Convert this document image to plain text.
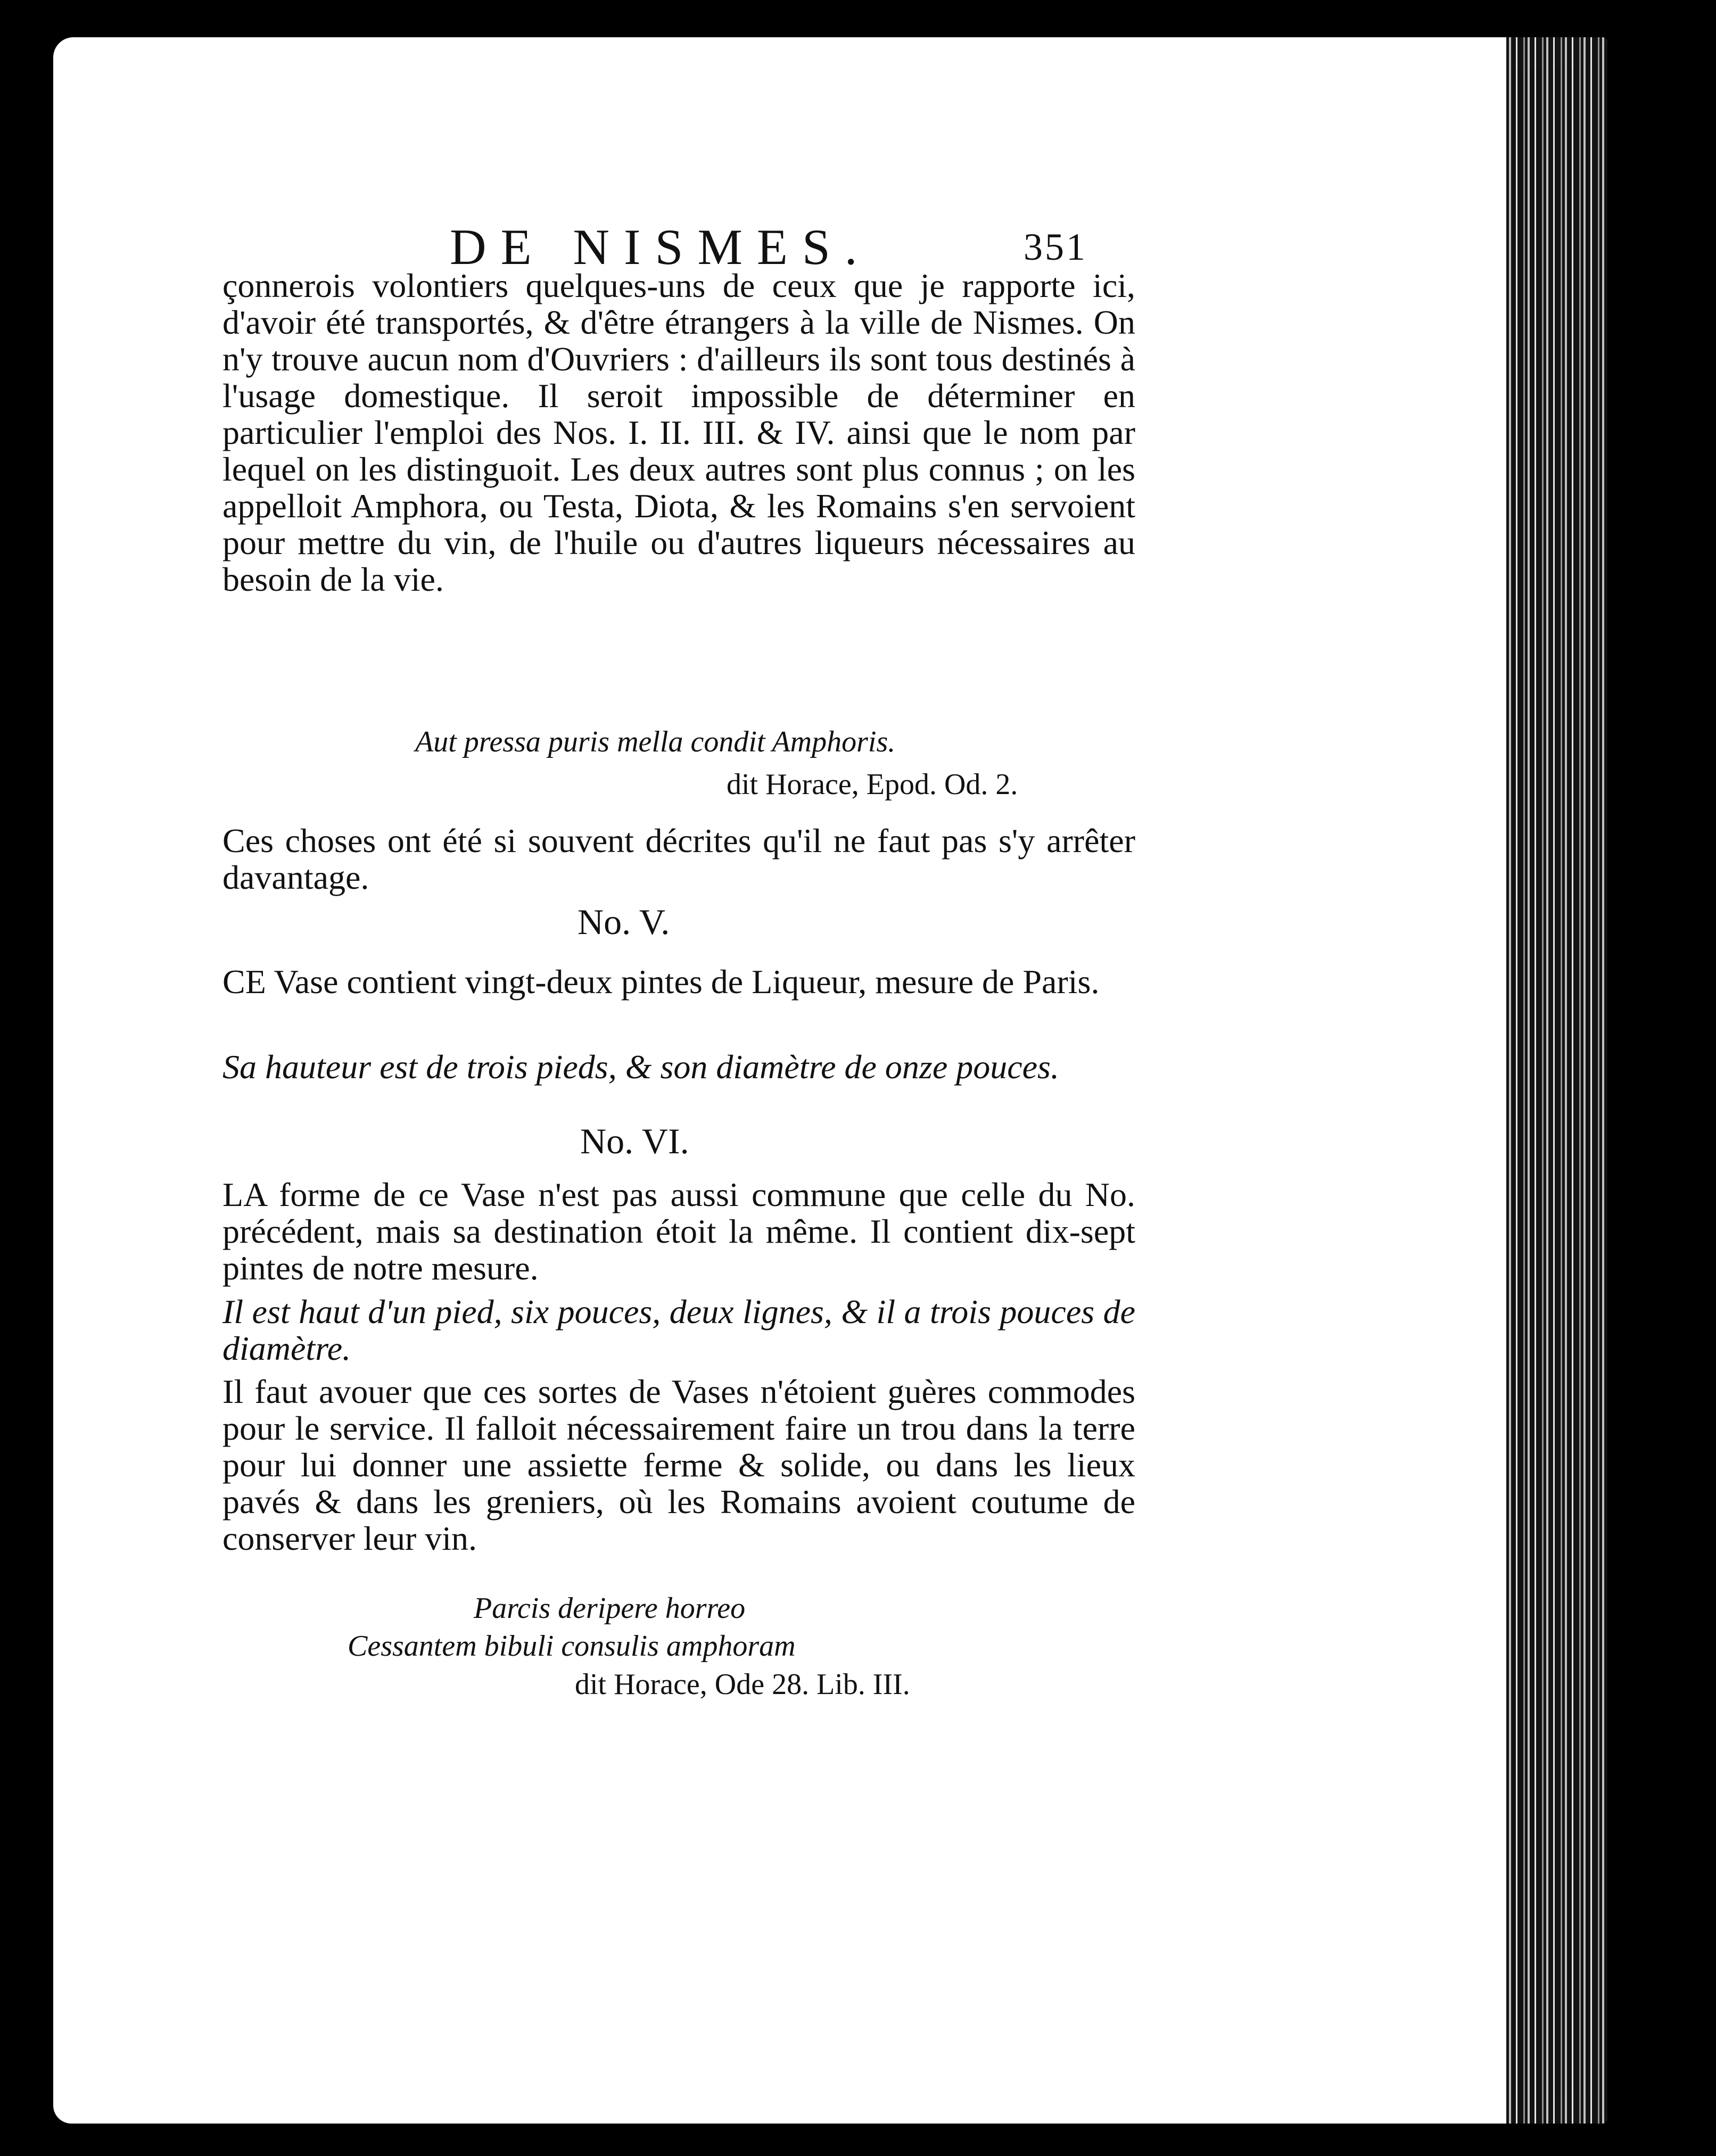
DE NISMES.	351
çonnerois volontiers quelques-uns de ceux que je rapporte ici, d'avoir été transportés, & d'être étrangers à la ville de Nismes. On n'y trouve aucun nom d'Ouvriers : d'ailleurs ils sont tous destinés à l'usage domestique. Il seroit impossible de déterminer en particulier l'emploi des Nos. I. II. III. & IV. ainsi que le nom par lequel on les distinguoit. Les deux autres sont plus connus ; on les appelloit Amphora, ou Testa, Diota, & les Romains s'en servoient pour mettre du vin, de l'huile ou d'autres liqueurs nécessaires au besoin de la vie.
Aut pressa puris mella condit Amphoris.
dit Horace, Epod. Od. 2.
Ces choses ont été si souvent décrites qu'il ne faut pas s'y arrêter davantage.
No. V.
CE Vase contient vingt-deux pintes de Liqueur, mesure de Paris.
Sa hauteur est de trois pieds, & son diamètre de onze pouces.
No. VI.
LA forme de ce Vase n'est pas aussi commune que celle du No. précédent, mais sa destination étoit la même. Il contient dix-sept pintes de notre mesure.
Il est haut d'un pied, six pouces, deux lignes, & il a trois pouces de diamètre.
Il faut avouer que ces sortes de Vases n'étoient guères commodes pour le service. Il falloit nécessairement faire un trou dans la terre pour lui donner une assiette ferme & solide, ou dans les lieux pavés & dans les greniers, où les Romains avoient coutume de conserver leur vin.
Parcis deripere horreo
Cessantem bibuli consulis amphoram
dit Horace, Ode 28. Lib. III.
